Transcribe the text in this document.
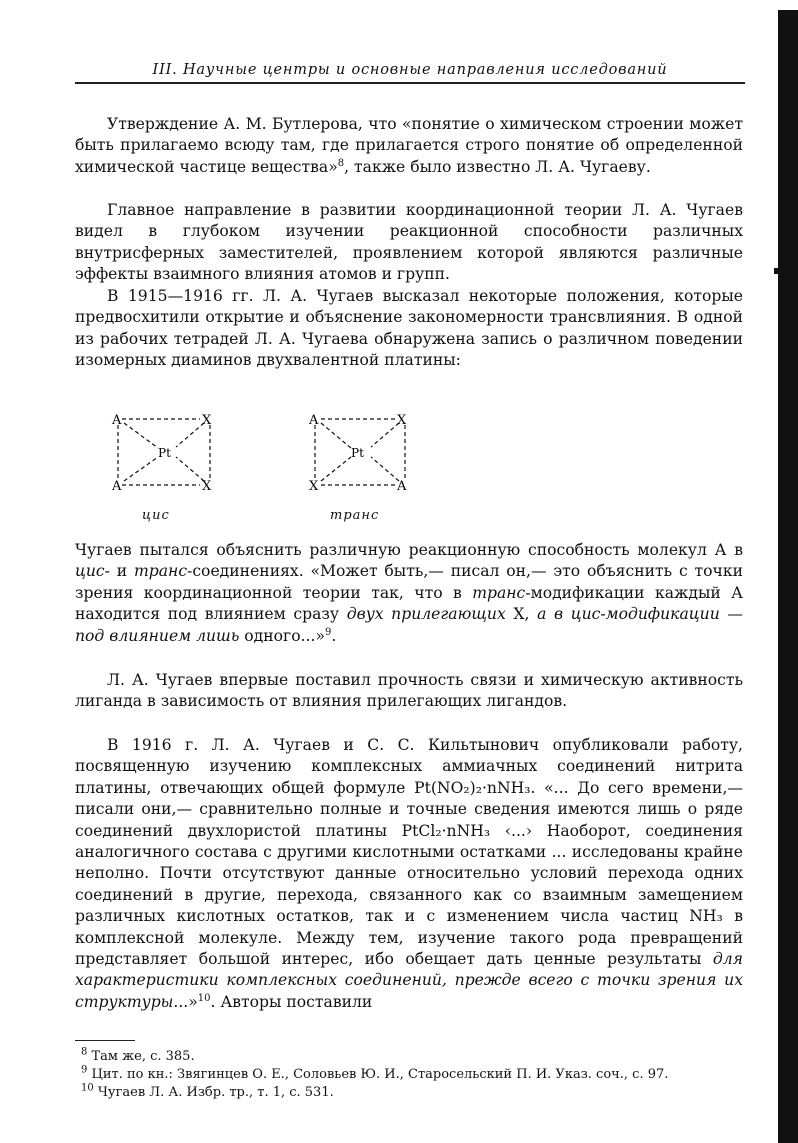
III. Научные центры и основные направления исследований

Утверждение А. М. Бутлерова, что «понятие о химическом строении может быть прилагаемо всюду там, где прилагается строго понятие об определенной химической частице вещества»$^8$, также было известно Л. А. Чугаеву.

Главное направление в развитии координационной теории Л. А. Чугаев видел в глубоком изучении реакционной способности различных внутрисферных заместителей, проявлением которой являются различные эффекты взаимного влияния атомов и групп.

В 1915—1916 гг. Л. А. Чугаев высказал некоторые положения, которые предвосхитили открытие и объяснение закономерности трансвлияния. В одной из рабочих тетрадей Л. А. Чугаева обнаружена запись о различном поведении изомерных диаминов двухвалентной платины:

A	X
A	X
Pt
A	X
X	A
Pt
цис	транс

Чугаев пытался объяснить различную реакционную способность молекул А в цис- и транс-соединениях. «Может быть,— писал он,— это объяснить с точки зрения координационной теории так, что в транс-модификации каждый А находится под влиянием сразу двух прилегающих Х, а в цис-модификации — под влиянием лишь одного...»$^9$.

Л. А. Чугаев впервые поставил прочность связи и химическую активность лиганда в зависимость от влияния прилегающих лигандов.

В 1916 г. Л. А. Чугаев и С. С. Кильтынович опубликовали работу, посвященную изучению комплексных аммиачных соединений нитрита платины, отвечающих общей формуле Pt(NO₂)₂·nNH₃. «... До сего времени,— писали они,— сравнительно полные и точные сведения имеются лишь о ряде соединений двухлористой платины PtCl₂·nNH₃ ‹...› Наоборот, соединения аналогичного состава с другими кислотными остатками ... исследованы крайне неполно. Почти отсутствуют данные относительно условий перехода одних соединений в другие, перехода, связанного как со взаимным замещением различных кислотных остатков, так и с изменением числа частиц NH₃ в комплексной молекуле. Между тем, изучение такого рода превращений представляет большой интерес, ибо обещает дать ценные результаты для характеристики комплексных соединений, прежде всего с точки зрения их структуры...»$^{10}$. Авторы поставили

$^8$ Там же, с. 385.

$^9$ Цит. по кн.: Звягинцев О. Е., Соловьев Ю. И., Старосельский П. И. Указ. соч., с. 97.

$^{10}$ Чугаев Л. А. Избр. тр., т. 1, с. 531.
